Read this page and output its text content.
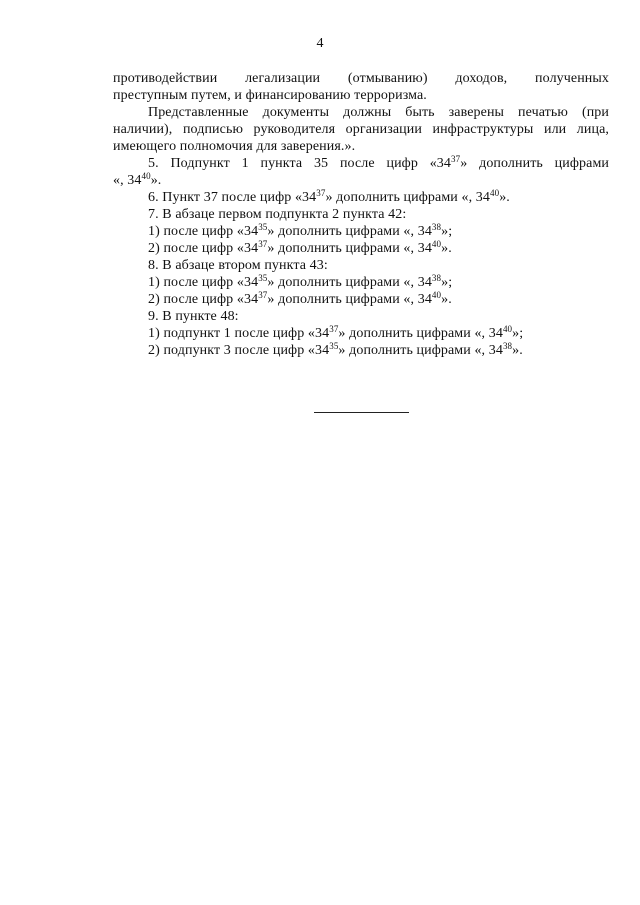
4

противодействии легализации (отмыванию) доходов, полученных
преступным путем, и финансированию терроризма.

Представленные документы должны быть заверены печатью (при
наличии), подписью руководителя организации инфраструктуры или лица,
имеющего полномочия для заверения.».

5. Подпункт 1 пункта 35 после цифр «$34^{37}$» дополнить цифрами
«, $34^{40}$».

6. Пункт 37 после цифр «$34^{37}$» дополнить цифрами «, $34^{40}$».

7. В абзаце первом подпункта 2 пункта 42:

1) после цифр «$34^{35}$» дополнить цифрами «, $34^{38}$»;

2) после цифр «$34^{37}$» дополнить цифрами «, $34^{40}$».

8. В абзаце втором пункта 43:

1) после цифр «$34^{35}$» дополнить цифрами «, $34^{38}$»;

2) после цифр «$34^{37}$» дополнить цифрами «, $34^{40}$».

9. В пункте 48:

1) подпункт 1 после цифр «$34^{37}$» дополнить цифрами «, $34^{40}$»;

2) подпункт 3 после цифр «$34^{35}$» дополнить цифрами «, $34^{38}$».
